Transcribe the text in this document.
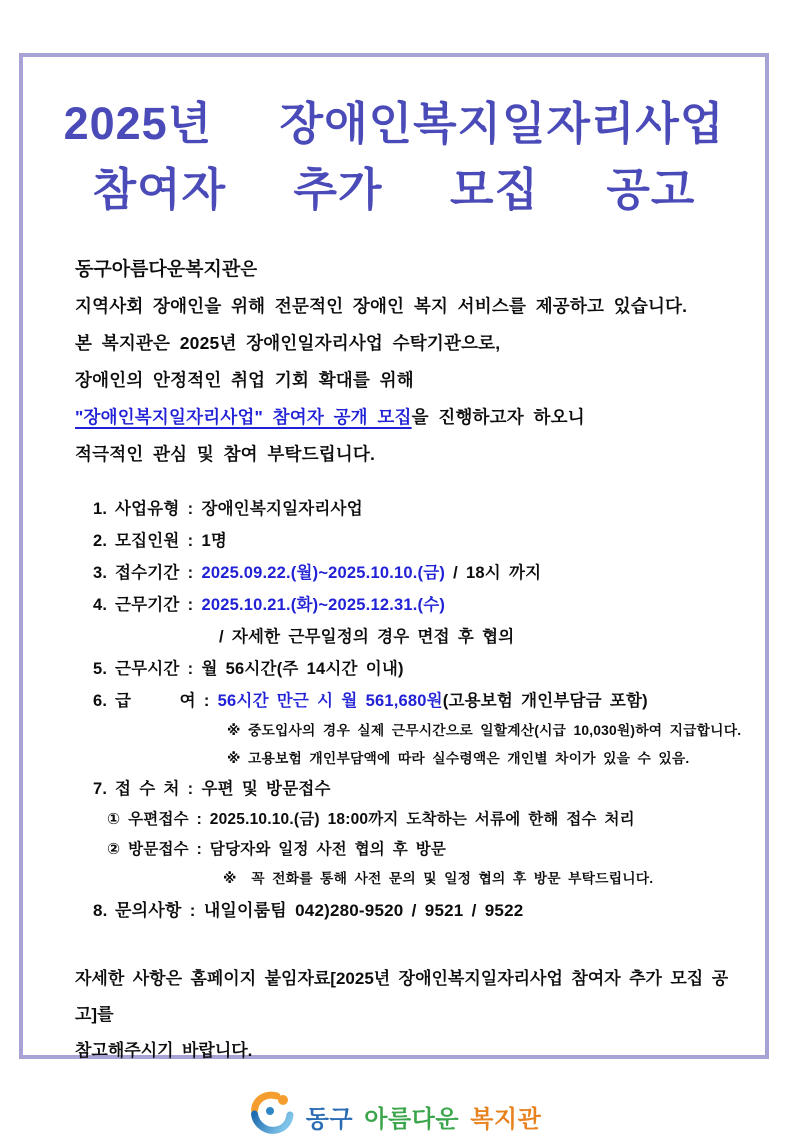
2025년  장애인복지일자리사업
참여자  추가  모집  공고
동구아름다운복지관은
지역사회 장애인을 위해 전문적인 장애인 복지 서비스를 제공하고 있습니다.
본 복지관은 2025년 장애인일자리사업 수탁기관으로,
장애인의 안정적인 취업 기회 확대를 위해
"장애인복지일자리사업" 참여자 공개 모집을 진행하고자 하오니
적극적인 관심 및 참여 부탁드립니다.
1. 사업유형 : 장애인복지일자리사업
2. 모집인원 : 1명
3. 접수기간 : 2025.09.22.(월)~2025.10.10.(금) / 18시 까지
4. 근무기간 : 2025.10.21.(화)~2025.12.31.(수)
/ 자세한 근무일정의 경우 면접 후 협의
5. 근무시간 : 월 56시간(주 14시간 이내)
6. 급      여 : 56시간 만근 시 월 561,680원(고용보험 개인부담금 포함)
※ 중도입사의 경우 실제 근무시간으로 일할계산(시급 10,030원)하여 지급합니다.
※ 고용보험 개인부담액에 따라 실수령액은 개인별 차이가 있을 수 있음.
7. 접 수 처 : 우편 및 방문접수
① 우편접수 : 2025.10.10.(금) 18:00까지 도착하는 서류에 한해 접수 처리
② 방문접수 : 담당자와 일정 사전 협의 후 방문
※  꼭 전화를 통해 사전 문의 및 일정 협의 후 방문 부탁드립니다.
8. 문의사항 : 내일이룸팀 042)280-9520 / 9521 / 9522
자세한 사항은 홈페이지 붙임자료[2025년 장애인복지일자리사업 참여자 추가 모집 공고]를
참고해주시기 바랍니다.
동구 아름다운 복지관
